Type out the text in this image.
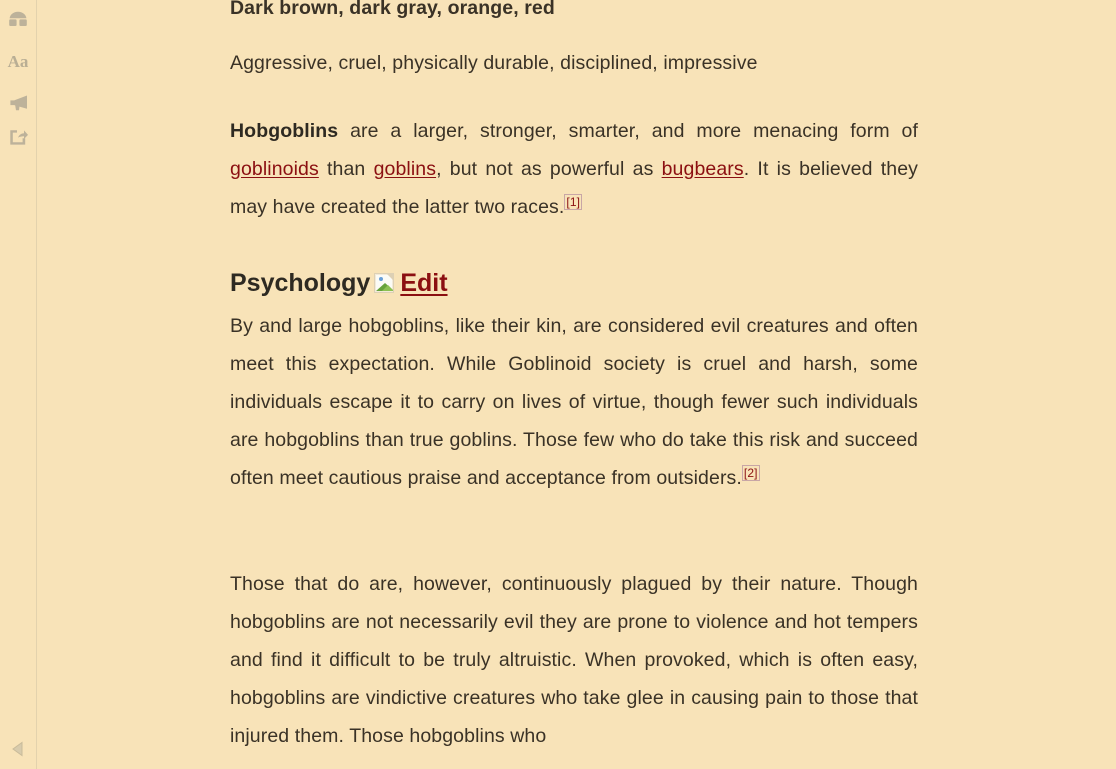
Aa

Dark brown, dark gray, orange, red

Aggressive, cruel, physically durable, disciplined, impressive

Hobgoblins are a larger, stronger, smarter, and more menacing form of goblinoids than goblins, but not as powerful as bugbears. It is believed they may have created the latter two races. [1]

Psychology Edit

By and large hobgoblins, like their kin, are considered evil creatures and often meet this expectation. While Goblinoid society is cruel and harsh, some individuals escape it to carry on lives of virtue, though fewer such individuals are hobgoblins than true goblins. Those few who do take this risk and succeed often meet cautious praise and acceptance from outsiders. [2]

Those that do are, however, continuously plagued by their nature. Though hobgoblins are not necessarily evil they are prone to violence and hot tempers and find it difficult to be truly altruistic. When provoked, which is often easy, hobgoblins are vindictive creatures who take glee in causing pain to those that injured them. Those hobgoblins who
